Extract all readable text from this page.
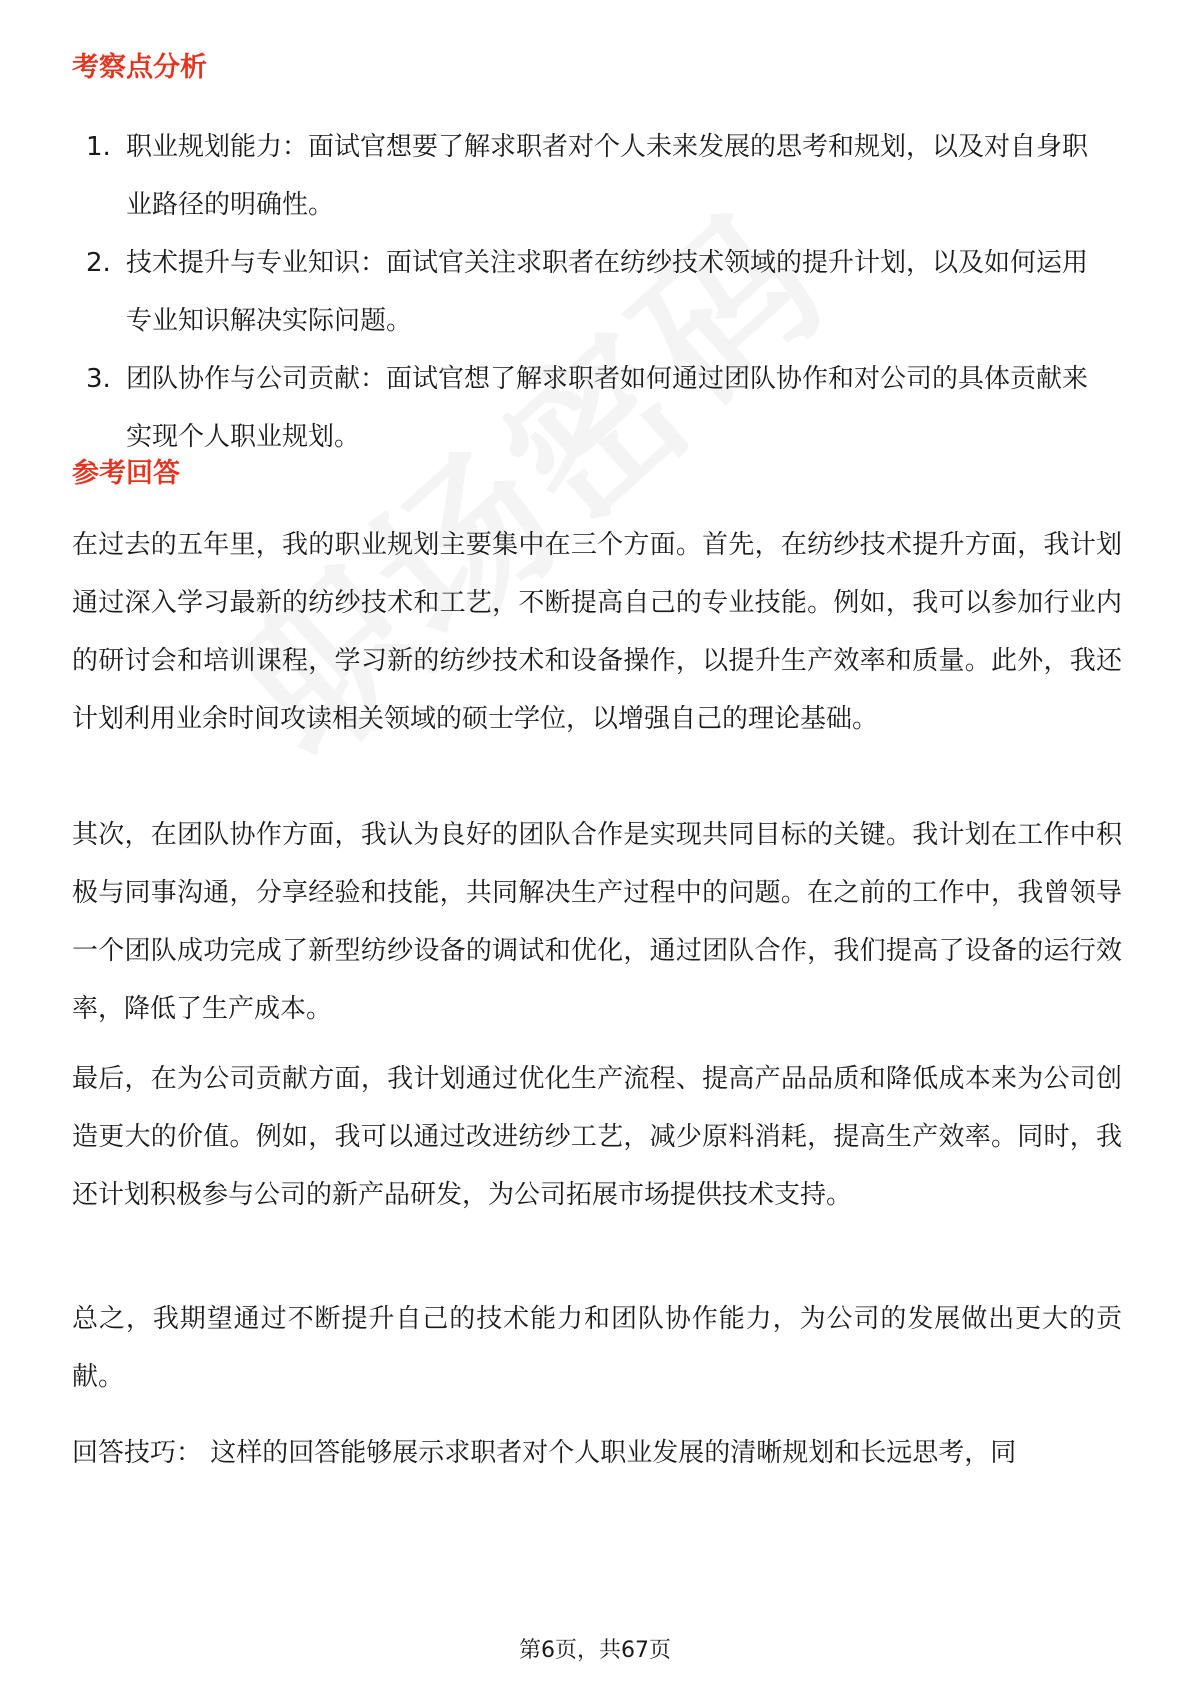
考察点分析
1. 职业规划能力：面试官想要了解求职者对个人未来发展的思考和规划，以及对自身职业路径的明确性。
2. 技术提升与专业知识：面试官关注求职者在纺纱技术领域的提升计划，以及如何运用专业知识解决实际问题。
3. 团队协作与公司贡献：面试官想了解求职者如何通过团队协作和对公司的具体贡献来实现个人职业规划。
参考回答

在过去的五年里，我的职业规划主要集中在三个方面。首先，在纺纱技术提升方面，我计划通过深入学习最新的纺纱技术和工艺，不断提高自己的专业技能。例如，我可以参加行业内的研讨会和培训课程，学习新的纺纱技术和设备操作，以提升生产效率和质量。此外，我还计划利用业余时间攻读相关领域的硕士学位，以增强自己的理论基础。

其次，在团队协作方面，我认为良好的团队合作是实现共同目标的关键。我计划在工作中积极与同事沟通，分享经验和技能，共同解决生产过程中的问题。在之前的工作中，我曾领导一个团队成功完成了新型纺纱设备的调试和优化，通过团队合作，我们提高了设备的运行效率，降低了生产成本。

最后，在为公司贡献方面，我计划通过优化生产流程、提高产品品质和降低成本来为公司创造更大的价值。例如，我可以通过改进纺纱工艺，减少原料消耗，提高生产效率。同时，我还计划积极参与公司的新产品研发，为公司拓展市场提供技术支持。

总之，我期望通过不断提升自己的技术能力和团队协作能力，为公司的发展做出更大的贡献。

回答技巧： 这样的回答能够展示求职者对个人职业发展的清晰规划和长远思考，同

第6页，共67页
